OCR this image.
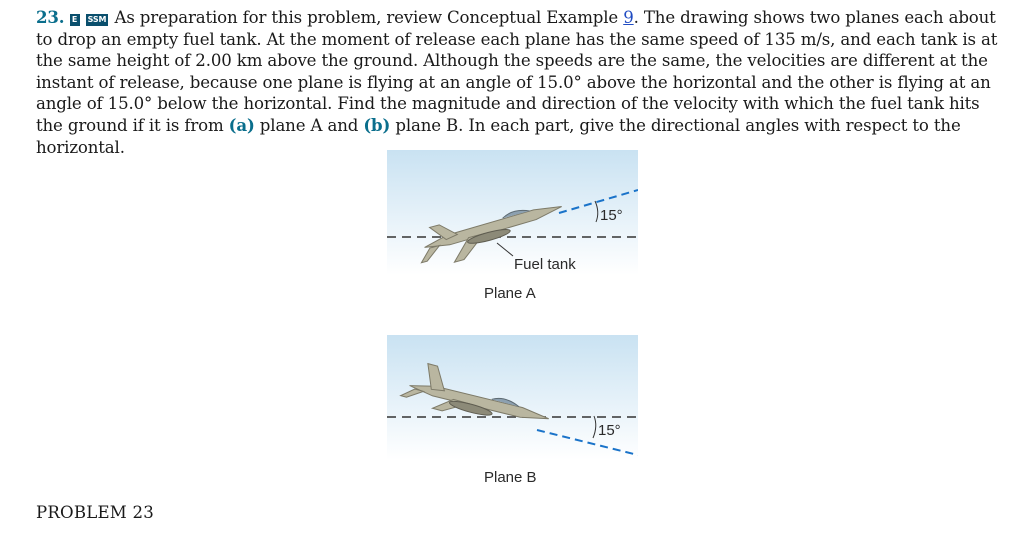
23. E SSM As preparation for this problem, review Conceptual Example 9. The drawing shows two planes each about to drop an empty fuel tank. At the moment of release each plane has the same speed of 135 m/s, and each tank is at the same height of 2.00 km above the ground. Although the speeds are the same, the velocities are different at the instant of release, because one plane is flying at an angle of 15.0° above the horizontal and the other is flying at an angle of 15.0° below the horizontal. Find the magnitude and direction of the velocity with which the fuel tank hits the ground if it is from (a) plane A and (b) plane B. In each part, give the directional angles with respect to the horizontal.
15°
Fuel tank
Plane A
15°
Plane B
PROBLEM 23
